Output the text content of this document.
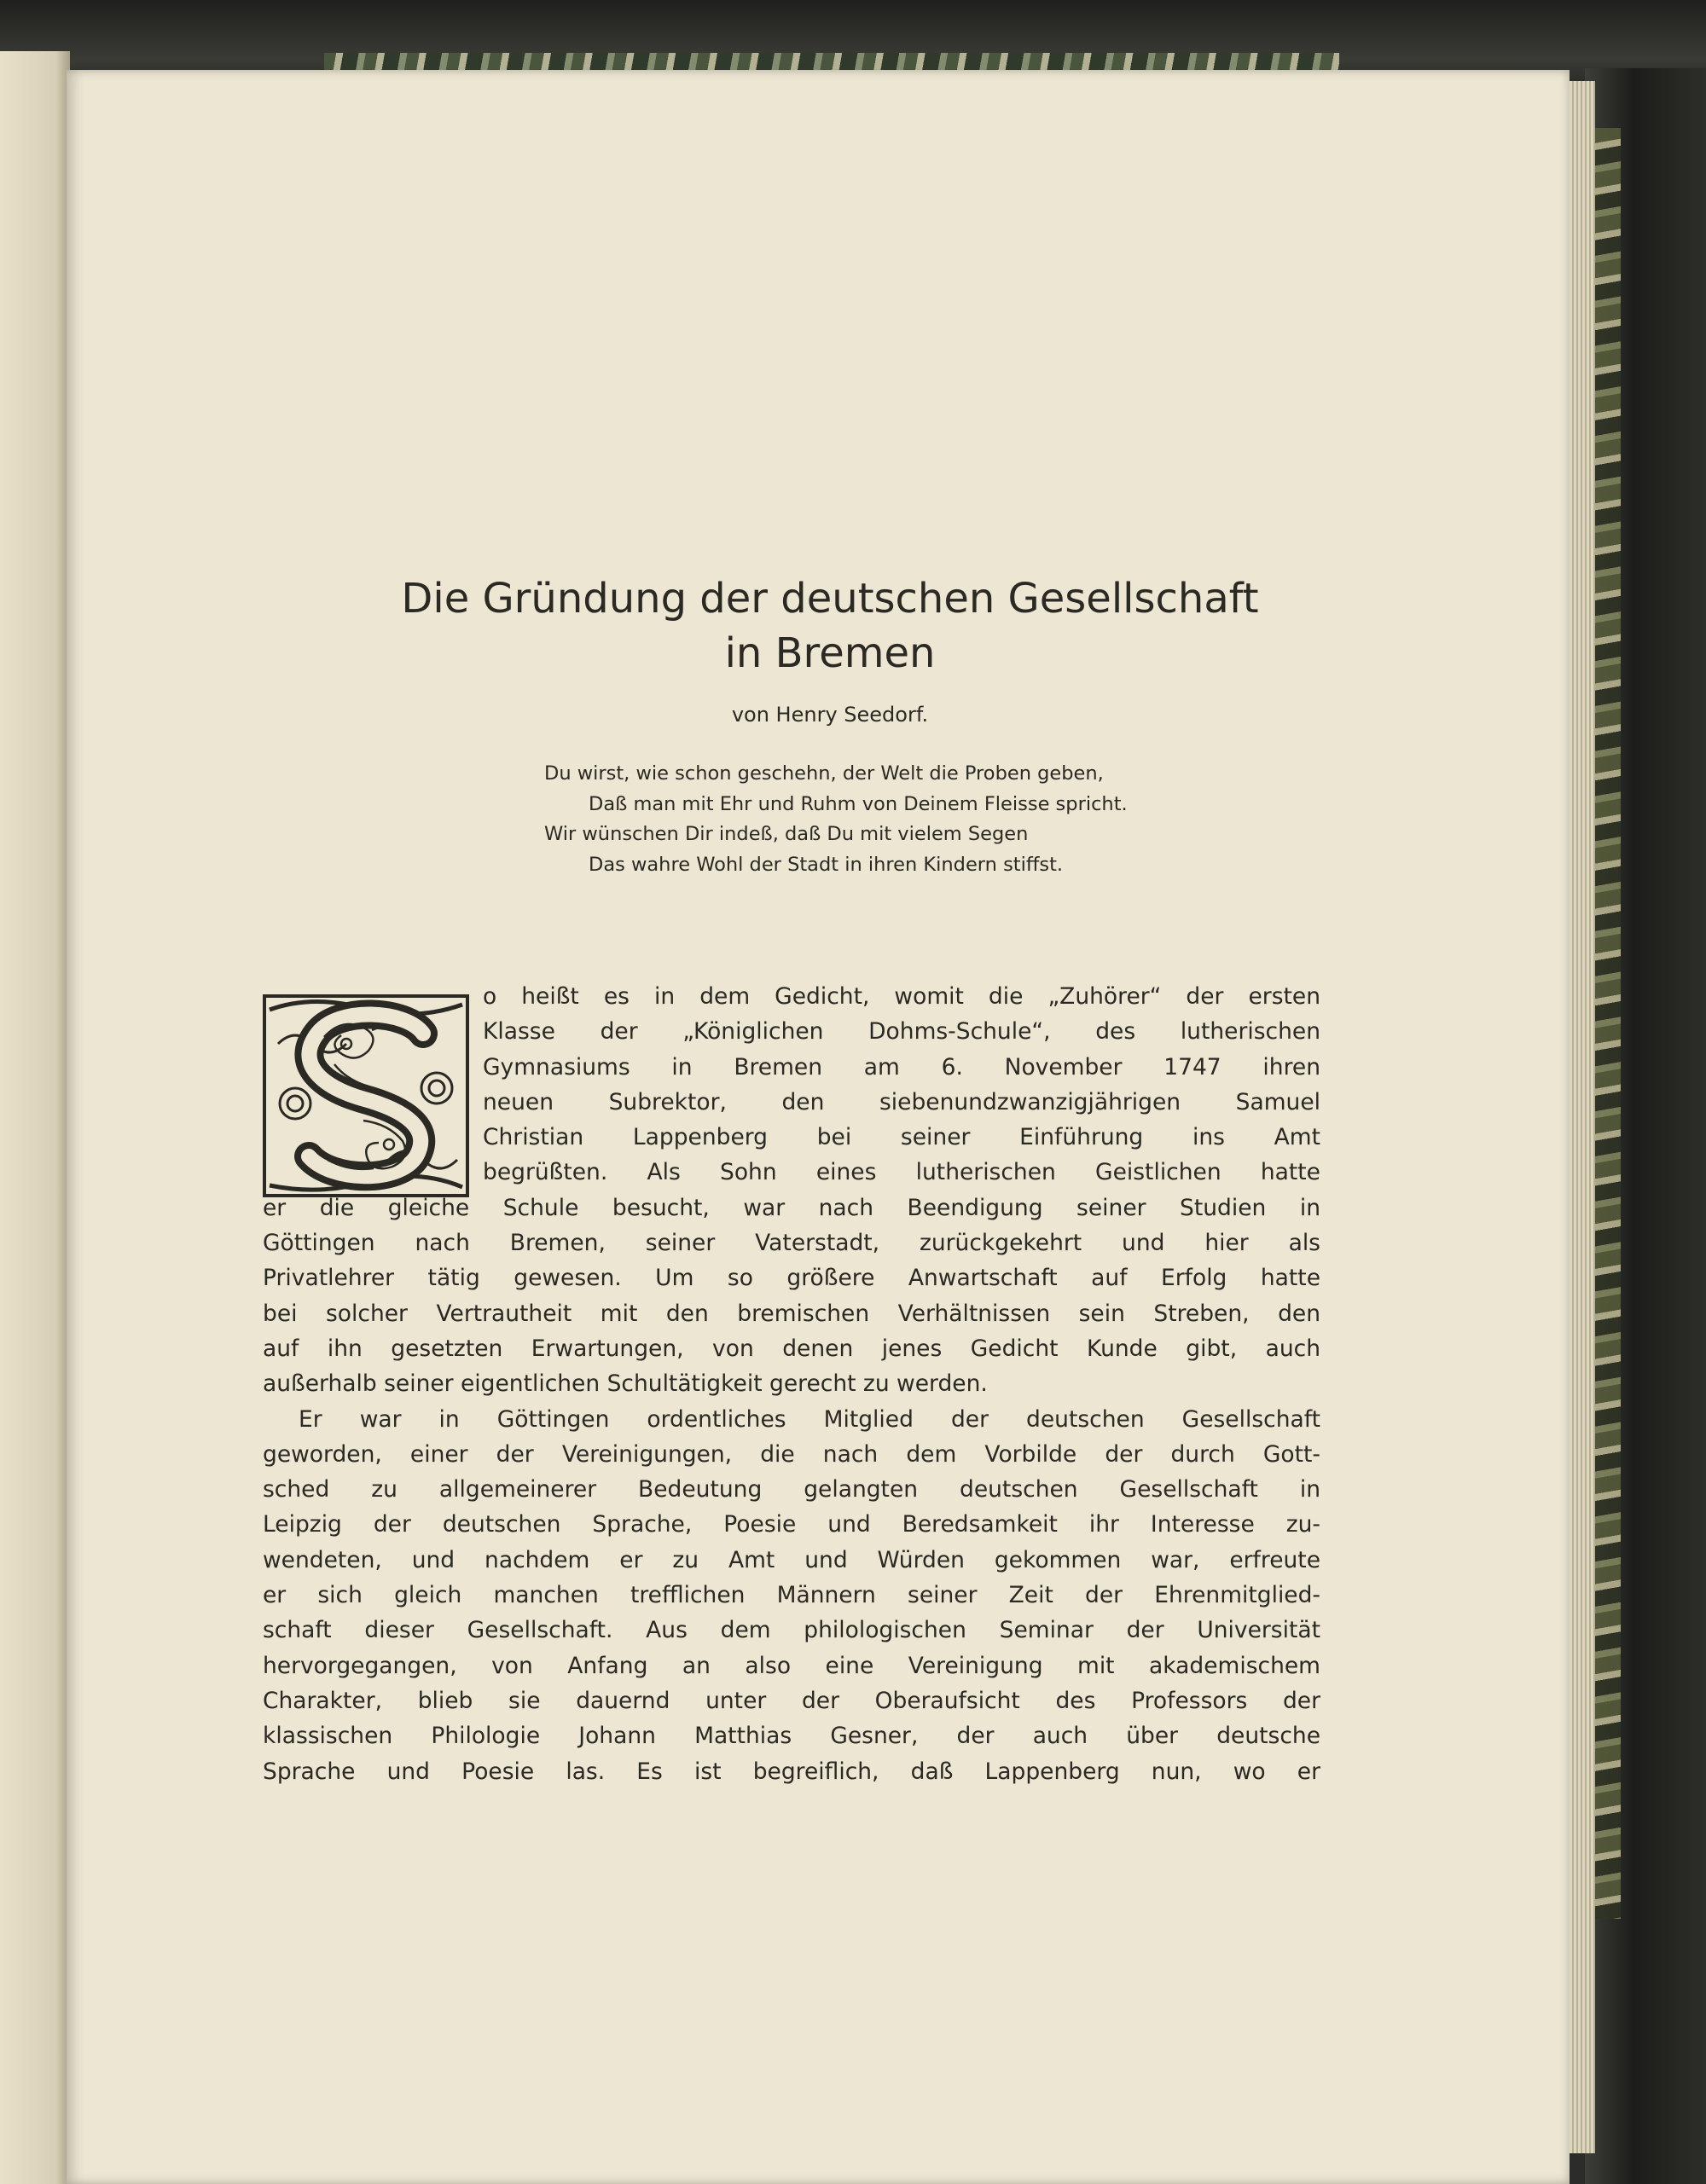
Die Gründung der deutschen Gesellschaft
in Bremen
von Henry Seedorf.
Du wirst, wie schon geschehn, der Welt die Proben geben,
Daß man mit Ehr und Ruhm von Deinem Fleisse spricht.
Wir wünschen Dir indeß, daß Du mit vielem Segen
Das wahre Wohl der Stadt in ihren Kindern stiffst.
o heißt es in dem Gedicht, womit die „Zuhörer“ der ersten
Klasse der „Königlichen Dohms-Schule“, des lutherischen
Gymnasiums in Bremen am 6. November 1747 ihren
neuen Subrektor, den siebenundzwanzigjährigen Samuel
Christian Lappenberg bei seiner Einführung ins Amt
begrüßten. Als Sohn eines lutherischen Geistlichen hatte
er die gleiche Schule besucht, war nach Beendigung seiner Studien in
Göttingen nach Bremen, seiner Vaterstadt, zurückgekehrt und hier als
Privatlehrer tätig gewesen. Um so größere Anwartschaft auf Erfolg hatte
bei solcher Vertrautheit mit den bremischen Verhältnissen sein Streben, den
auf ihn gesetzten Erwartungen, von denen jenes Gedicht Kunde gibt, auch
außerhalb seiner eigentlichen Schultätigkeit gerecht zu werden.
Er war in Göttingen ordentliches Mitglied der deutschen Gesellschaft
geworden, einer der Vereinigungen, die nach dem Vorbilde der durch Gott-
sched zu allgemeinerer Bedeutung gelangten deutschen Gesellschaft in
Leipzig der deutschen Sprache, Poesie und Beredsamkeit ihr Interesse zu-
wendeten, und nachdem er zu Amt und Würden gekommen war, erfreute
er sich gleich manchen trefflichen Männern seiner Zeit der Ehrenmitglied-
schaft dieser Gesellschaft. Aus dem philologischen Seminar der Universität
hervorgegangen, von Anfang an also eine Vereinigung mit akademischem
Charakter, blieb sie dauernd unter der Oberaufsicht des Professors der
klassischen Philologie Johann Matthias Gesner, der auch über deutsche
Sprache und Poesie las. Es ist begreiflich, daß Lappenberg nun, wo er
